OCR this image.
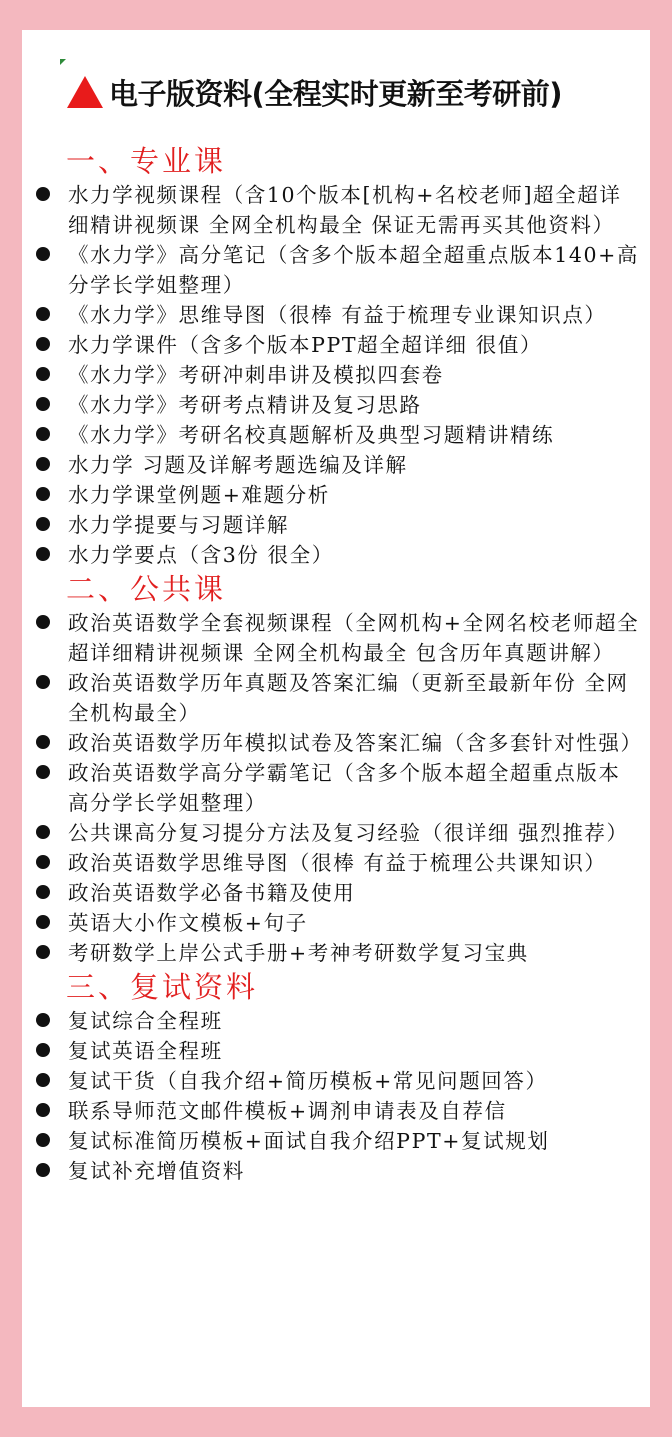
电子版资料(全程实时更新至考研前)
一、专业课
水力学视频课程（含10个版本[机构+名校老师]超全超详细精讲视频课 全网全机构最全 保证无需再买其他资料）
《水力学》高分笔记（含多个版本超全超重点版本140+高分学长学姐整理）
《水力学》思维导图（很棒 有益于梳理专业课知识点）
水力学课件（含多个版本PPT超全超详细 很值）
《水力学》考研冲刺串讲及模拟四套卷
《水力学》考研考点精讲及复习思路
《水力学》考研名校真题解析及典型习题精讲精练
水力学 习题及详解考题选编及详解
水力学课堂例题+难题分析
水力学提要与习题详解
水力学要点（含3份 很全）
二、公共课
政治英语数学全套视频课程（全网机构+全网名校老师超全超详细精讲视频课 全网全机构最全 包含历年真题讲解）
政治英语数学历年真题及答案汇编（更新至最新年份 全网全机构最全）
政治英语数学历年模拟试卷及答案汇编（含多套针对性强）
政治英语数学高分学霸笔记（含多个版本超全超重点版本 高分学长学姐整理）
公共课高分复习提分方法及复习经验（很详细 强烈推荐）
政治英语数学思维导图（很棒 有益于梳理公共课知识）
政治英语数学必备书籍及使用
英语大小作文模板+句子
考研数学上岸公式手册+考神考研数学复习宝典
三、复试资料
复试综合全程班
复试英语全程班
复试干货（自我介绍+简历模板+常见问题回答）
联系导师范文邮件模板+调剂申请表及自荐信
复试标准简历模板+面试自我介绍PPT+复试规划
复试补充增值资料
